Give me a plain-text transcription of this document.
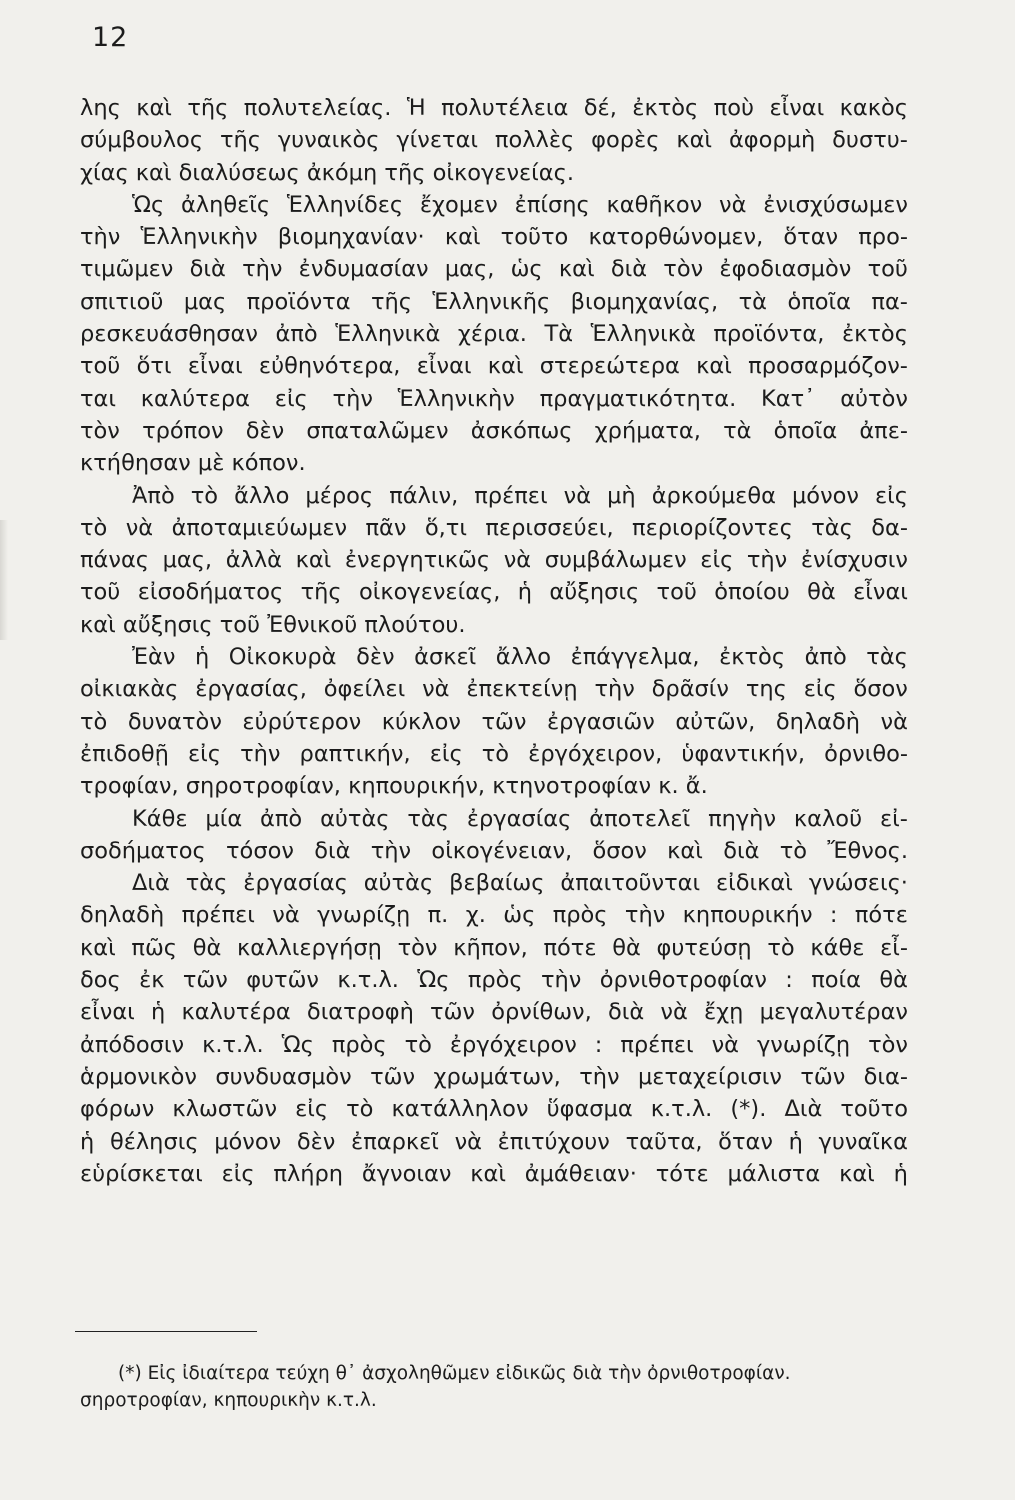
12
λης καὶ τῆς πολυτελείας. Ἡ πολυτέλεια δέ, ἐκτὸς ποὺ εἶναι κακὸς
σύμβουλος τῆς γυναικὸς γίνεται πολλὲς φορὲς καὶ ἀφορμὴ δυστυ-
χίας καὶ διαλύσεως ἀκόμη τῆς οἰκογενείας.
Ὡς ἀληθεῖς Ἑλληνίδες ἔχομεν ἐπίσης καθῆκον νὰ ἐνισχύσωμεν
τὴν Ἑλληνικὴν βιομηχανίαν· καὶ τοῦτο κατορθώνομεν, ὅταν προ-
τιμῶμεν διὰ τὴν ἐνδυμασίαν μας, ὡς καὶ διὰ τὸν ἐφοδιασμὸν τοῦ
σπιτιοῦ μας προϊόντα τῆς Ἑλληνικῆς βιομηχανίας, τὰ ὁποῖα πα-
ρεσκευάσθησαν ἀπὸ Ἑλληνικὰ χέρια. Τὰ Ἑλληνικὰ προϊόντα, ἐκτὸς
τοῦ ὅτι εἶναι εὐθηνότερα, εἶναι καὶ στερεώτερα καὶ προσαρμόζον-
ται καλύτερα εἰς τὴν Ἑλληνικὴν πραγματικότητα. Κατ᾽ αὐτὸν
τὸν τρόπον δὲν σπαταλῶμεν ἀσκόπως χρήματα, τὰ ὁποῖα ἀπε-
κτήθησαν μὲ κόπον.
Ἀπὸ τὸ ἄλλο μέρος πάλιν, πρέπει νὰ μὴ ἀρκούμεθα μόνον εἰς
τὸ νὰ ἀποταμιεύωμεν πᾶν ὅ,τι περισσεύει, περιορίζοντες τὰς δα-
πάνας μας, ἀλλὰ καὶ ἐνεργητικῶς νὰ συμβάλωμεν εἰς τὴν ἐνίσχυσιν
τοῦ εἰσοδήματος τῆς οἰκογενείας, ἡ αὔξησις τοῦ ὁποίου θὰ εἶναι
καὶ αὔξησις τοῦ Ἐθνικοῦ πλούτου.
Ἐὰν ἡ Οἰκοκυρὰ δὲν ἀσκεῖ ἄλλο ἐπάγγελμα, ἐκτὸς ἀπὸ τὰς
οἰκιακὰς ἐργασίας, ὀφείλει νὰ ἐπεκτείνῃ τὴν δρᾶσίν της εἰς ὅσον
τὸ δυνατὸν εὐρύτερον κύκλον τῶν ἐργασιῶν αὐτῶν, δηλαδὴ νὰ
ἐπιδοθῇ εἰς τὴν ραπτικήν, εἰς τὸ ἐργόχειρον, ὑφαντικήν, ὀρνιθο-
τροφίαν, σηροτροφίαν, κηπουρικήν, κτηνοτροφίαν κ. ἄ.
Κάθε μία ἀπὸ αὐτὰς τὰς ἐργασίας ἀποτελεῖ πηγὴν καλοῦ εἰ-
σοδήματος τόσον διὰ τὴν οἰκογένειαν, ὅσον καὶ διὰ τὸ Ἔθνος.
Διὰ τὰς ἐργασίας αὐτὰς βεβαίως ἀπαιτοῦνται εἰδικαὶ γνώσεις·
δηλαδὴ πρέπει νὰ γνωρίζῃ π. χ. ὡς πρὸς τὴν κηπουρικήν : πότε
καὶ πῶς θὰ καλλιεργήσῃ τὸν κῆπον, πότε θὰ φυτεύσῃ τὸ κάθε εἶ-
δος ἐκ τῶν φυτῶν κ.τ.λ. Ὡς πρὸς τὴν ὀρνιθοτροφίαν : ποία θὰ
εἶναι ἡ καλυτέρα διατροφὴ τῶν ὀρνίθων, διὰ νὰ ἔχῃ μεγαλυτέραν
ἀπόδοσιν κ.τ.λ. Ὡς πρὸς τὸ ἐργόχειρον : πρέπει νὰ γνωρίζῃ τὸν
ἁρμονικὸν συνδυασμὸν τῶν χρωμάτων, τὴν μεταχείρισιν τῶν δια-
φόρων κλωστῶν εἰς τὸ κατάλληλον ὕφασμα κ.τ.λ. (*). Διὰ τοῦτο
ἡ θέλησις μόνον δὲν ἐπαρκεῖ νὰ ἐπιτύχουν ταῦτα, ὅταν ἡ γυναῖκα
εὑρίσκεται εἰς πλήρη ἄγνοιαν καὶ ἀμάθειαν· τότε μάλιστα καὶ ἡ
(*) Εἰς ἰδιαίτερα τεύχη θ᾽ ἀσχοληθῶμεν εἰδικῶς διὰ τὴν ὀρνιθοτροφίαν.
σηροτροφίαν, κηπουρικὴν κ.τ.λ.
